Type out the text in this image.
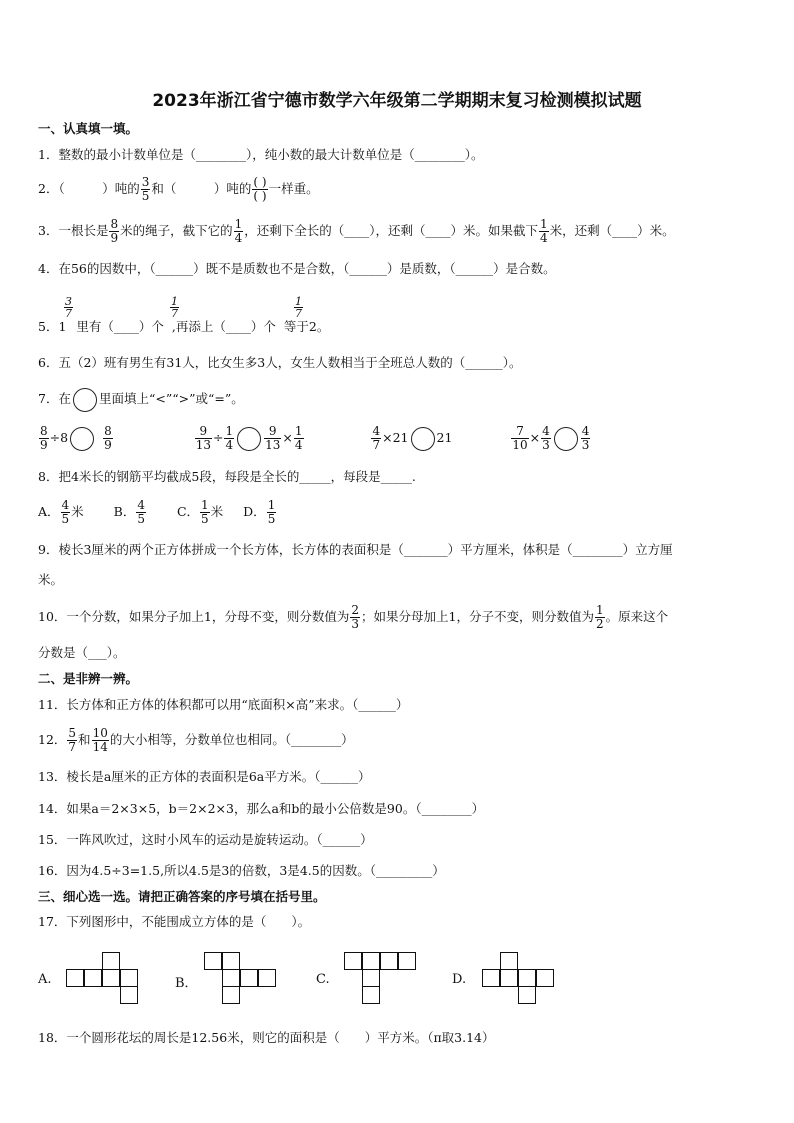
2023年浙江省宁德市数学六年级第二学期期末复习检测模拟试题
一、认真填一填。
1．整数的最小计数单位是（________），纯小数的最大计数单位是（________）。
2．（　　　）吨的 $\frac{3}{5}$ 和（　　　）吨的 ( )
( ) 一样重。
3．一根长是 $\frac{8}{9}$ 米的绳子，截下它的 $\frac{1}{4}$ ，还剩下全长的（____），还剩（____）米。如果截下 $\frac{1}{4}$ 米，还剩（____）米。
4．在56的因数中，（______）既不是质数也不是合数，（______）是质数，（______）是合数。
3
7
1
7
1
7
5．1 里有（____）个 ,再添上（____）个 等于2。
6．五（2）班有男生有31人，比女生多3人，女生人数相当于全班总人数的（______）。
7．在 里面填上“<”“>”或“=”。
$\frac{8}{9} \div 8$	$\frac{8}{9}$
	$\frac{9}{13} \div \frac{1}{4}$	$\frac{9}{13} \times \frac{1}{4}$
	$\frac{4}{7} \times 21$ 21	$\frac{7}{10} \times \frac{4}{3}$	$\frac{4}{3}$
8．把4米长的钢筋平均截成5段，每段是全长的_____，每段是_____.
A． $\frac{4}{5}$ 米 B． $\frac{4}{5}$ C． $\frac{1}{5}$ 米 D． $\frac{1}{5}$
9．棱长3厘米的两个正方体拼成一个长方体，长方体的表面积是（_______）平方厘米，体积是（________）立方厘
米。
10．一个分数，如果分子加上1，分母不变，则分数值为 $\frac{2}{3}$ ；如果分母加上1，分子不变，则分数值为 $\frac{1}{2}$ 。原来这个
分数是（___）。
二、是非辨一辨。
11．长方体和正方体的体积都可以用“底面积×高”来求。（______）
12． $\frac{5}{7}$ 和 $\frac{10}{14}$ 的大小相等，分数单位也相同。（________）
13．棱长是a厘米的正方体的表面积是6a平方米。（______）
14．如果a＝2×3×5，b＝2×2×3，那么a和b的最小公倍数是90。（________）
15．一阵风吹过，这时小风车的运动是旋转运动。（______）
16．因为4.5÷3=1.5,所以4.5是3的倍数，3是4.5的因数。（_________）
三、细心选一选。请把正确答案的序号填在括号里。
17．下列图形中，不能围成立方体的是（　　）。
A.	B．	C.	D.
18．一个圆形花坛的周长是12.56米，则它的面积是（　　）平方米。（π取3.14）
